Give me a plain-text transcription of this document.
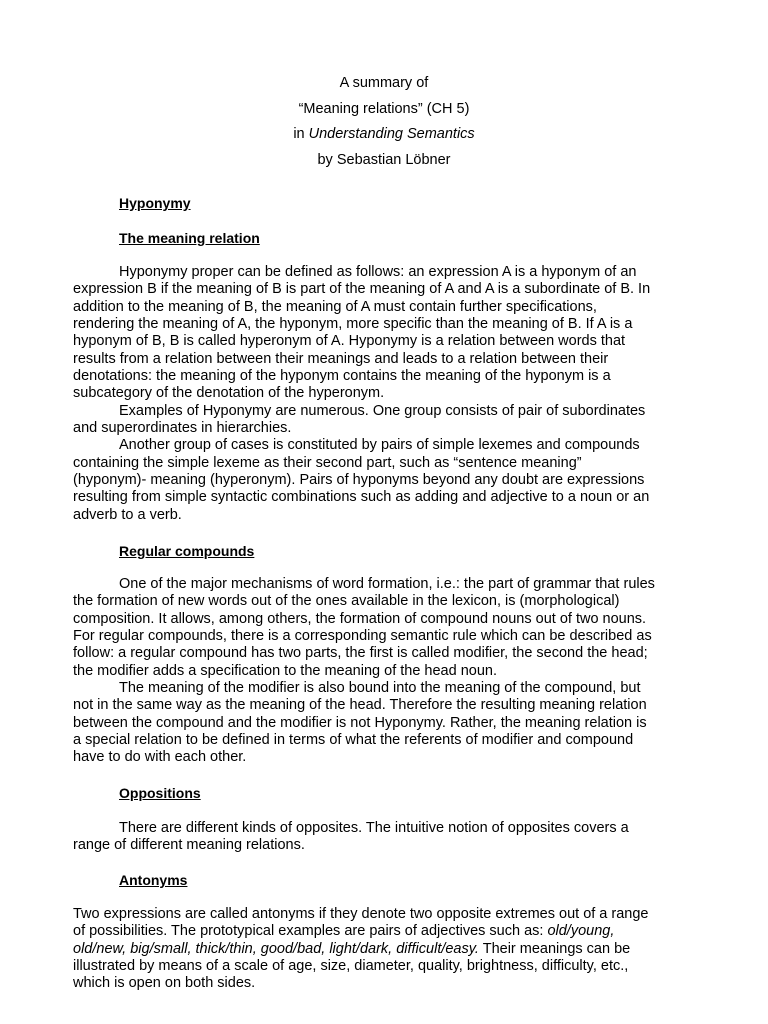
A summary of
“Meaning relations” (CH 5)
in Understanding Semantics
by Sebastian Löbner
Hyponymy
The meaning relation
Hyponymy proper can be defined as follows: an expression A is a hyponym of an
expression B if the meaning of B is part of the meaning of A and A is a subordinate of B. In
addition to the meaning of B, the meaning of A must contain further specifications,
rendering the meaning of A, the hyponym, more specific than the meaning of B. If A is a
hyponym of B, B is called hyperonym of A. Hyponymy is a relation between words that
results from a relation between their meanings and leads to a relation between their
denotations: the meaning of the hyponym contains the meaning of the hyponym is a
subcategory of the denotation of the hyperonym.
Examples of Hyponymy are numerous. One group consists of pair of subordinates
and superordinates in hierarchies.
Another group of cases is constituted by pairs of simple lexemes and compounds
containing the simple lexeme as their second part, such as “sentence meaning”
(hyponym)- meaning (hyperonym). Pairs of hyponyms beyond any doubt are expressions
resulting from simple syntactic combinations such as adding and adjective to a noun or an
adverb to a verb.
Regular compounds
One of the major mechanisms of word formation, i.e.: the part of grammar that rules
the formation of new words out of the ones available in the lexicon, is (morphological)
composition. It allows, among others, the formation of compound nouns out of two nouns.
For regular compounds, there is a corresponding semantic rule which can be described as
follow: a regular compound has two parts, the first is called modifier, the second the head;
the modifier adds a specification to the meaning of the head noun.
The meaning of the modifier is also bound into the meaning of the compound, but
not in the same way as the meaning of the head. Therefore the resulting meaning relation
between the compound and the modifier is not Hyponymy. Rather, the meaning relation is
a special relation to be defined in terms of what the referents of modifier and compound
have to do with each other.
Oppositions
There are different kinds of opposites. The intuitive notion of opposites covers a
range of different meaning relations.
Antonyms
Two expressions are called antonyms if they denote two opposite extremes out of a range
of possibilities. The prototypical examples are pairs of adjectives such as: old/young,
old/new, big/small, thick/thin, good/bad, light/dark, difficult/easy. Their meanings can be
illustrated by means of a scale of age, size, diameter, quality, brightness, difficulty, etc.,
which is open on both sides.
